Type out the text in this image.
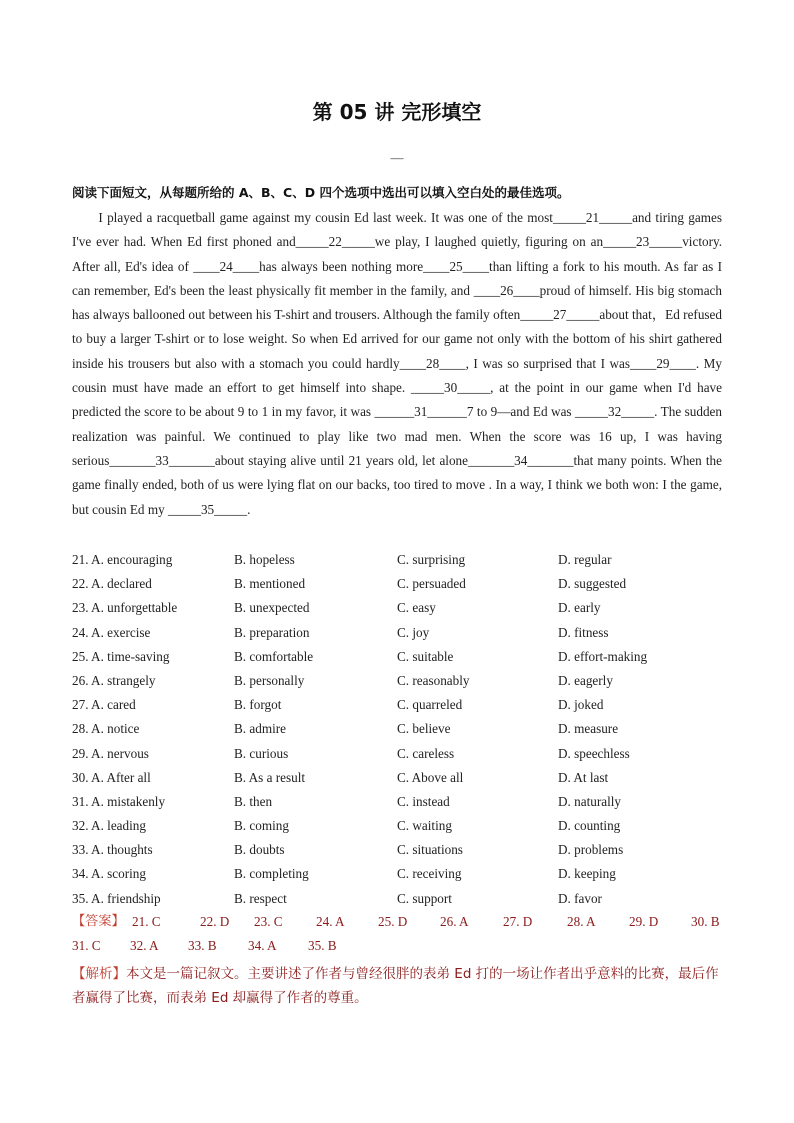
第 05 讲 完形填空
—
阅读下面短文，从每题所给的 A、B、C、D 四个选项中选出可以填入空白处的最佳选项。

I played a racquetball game against my cousin Ed last week. It was one of the most_____21_____and tiring games I've ever had. When Ed first phoned and_____22_____we play, I laughed quietly, figuring on an_____23_____victory. After all, Ed's idea of ____24____has always been nothing more____25____than lifting a fork to his mouth. As far as I can remember, Ed's been the least physically fit member in the family, and ____26____proud of himself. His big stomach has always ballooned out between his T-shirt and trousers. Although the family often_____27_____about that，Ed refused to buy a larger T-shirt or to lose weight. So when Ed arrived for our game not only with the bottom of his shirt gathered inside his trousers but also with a stomach you could hardly____28____, I was so surprised that I was____29____. My cousin must have made an effort to get himself into shape. _____30_____, at the point in our game when I'd have predicted the score to be about 9 to 1 in my favor, it was ______31______7 to 9—and Ed was _____32_____. The sudden realization was painful. We continued to play like two mad men. When the score was 16 up, I was having serious_______33_______about staying alive until 21 years old, let alone_______34_______that many points. When the game finally ended, both of us were lying flat on our backs, too tired to move . In a way, I think we both won: I the game, but cousin Ed my _____35_____.

21. A. encouraging	B. hopeless	C. surprising	D. regular
22. A. declared	B. mentioned	C. persuaded	D. suggested
23. A. unforgettable	B. unexpected	C. easy	D. early
24. A. exercise	B. preparation	C. joy	D. fitness
25. A. time-saving	B. comfortable	C. suitable	D. effort-making
26. A. strangely	B. personally	C. reasonably	D. eagerly
27. A. cared	B. forgot	C. quarreled	D. joked
28. A. notice	B. admire	C. believe	D. measure
29. A. nervous	B. curious	C. careless	D. speechless
30. A. After all	B. As a result	C. Above all	D. At last
31. A. mistakenly	B. then	C. instead	D. naturally
32. A. leading	B. coming	C. waiting	D. counting
33. A. thoughts	B. doubts	C. situations	D. problems
34. A. scoring	B. completing	C. receiving	D. keeping
35. A. friendship	B. respect	C. support	D. favor
【答案】 21. C	22. D 23. C	24. A	25. D 26. A	27. D	28. A	29. D 30. B
31. C 32. A 33. B 34. A 35. B
【解析】本文是一篇记叙文。主要讲述了作者与曾经很胖的表弟 Ed 打的一场让作者出乎意料的比赛，最后作者赢得了比赛，而表弟 Ed 却赢得了作者的尊重。
